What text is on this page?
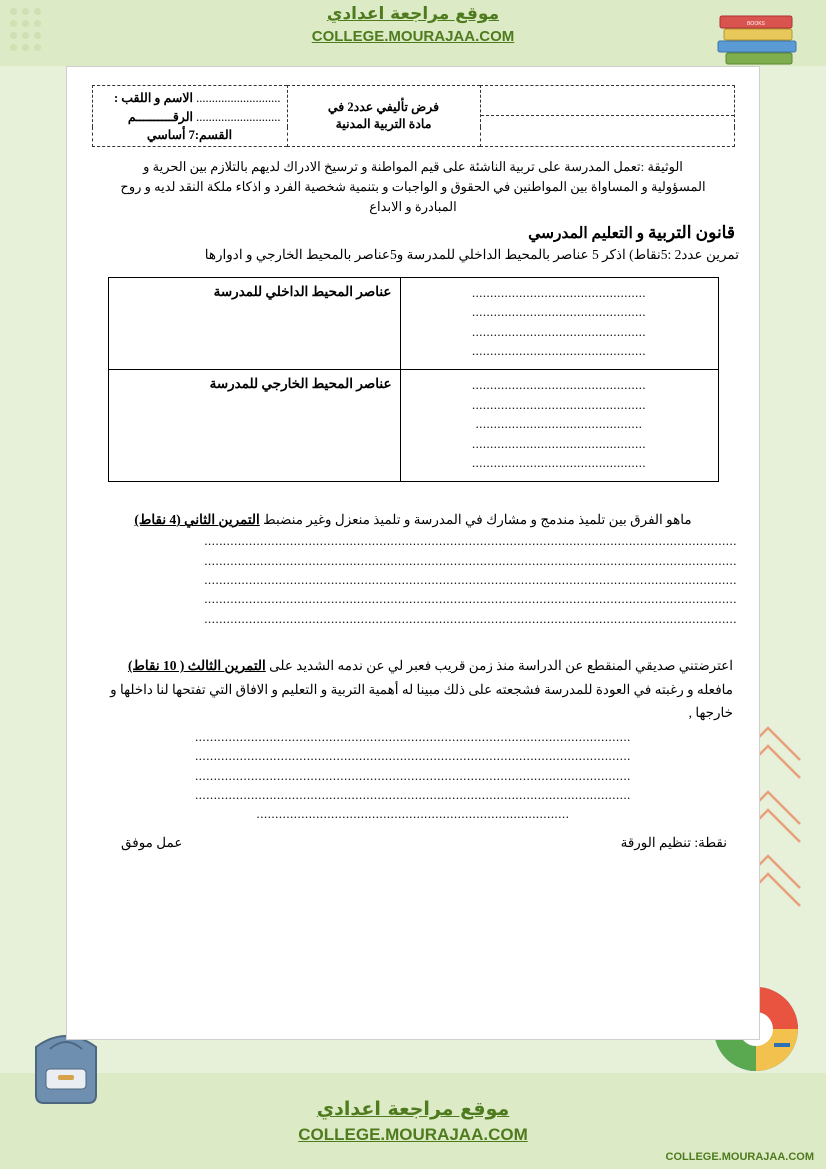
موقع مراجعة اعدادي
COLLEGE.MOURAJAA.COM
BOOKS

فرض تأليفي عدد2 في
مادة التربية المدنية

........................... الاسم و اللقب :
........................... الرقــــــــــم

القسم:7 أساسي
الوثيقة :تعمل المدرسة على تربية الناشئة على قيم المواطنة و ترسيخ الادراك لديهم بالتلازم بين الحرية و
المسؤولية و المساواة بين المواطنين في الحقوق و الواجبات و بتنمية شخصية الفرد و اذكاء ملكة النقد لديه و روح
المبادرة و الابداع
قانون التربية و التعليم المدرسي
تمرين عدد2 :5نقاط) اذكر 5 عناصر بالمحيط الداخلي للمدرسة و5عناصر بالمحيط الخارجي و ادوارها
................................................
................................................
................................................
................................................	عناصر المحيط الداخلي للمدرسة

................................................
................................................
..............................................
................................................
................................................	عناصر المحيط الخارجي للمدرسة
ماهو الفرق بين تلميذ مندمج و مشارك في المدرسة و تلميذ منعزل وغير منضبط التمرين الثاني (4 نقاط)
...............................................................................................................................................
...............................................................................................................................................
...............................................................................................................................................
...............................................................................................................................................
...............................................................................................................................................
اعترضتني صديقي المنقطع عن الدراسة منذ زمن قريب فعبر لي عن ندمه الشديد على التمرين الثالث ( 10 نقاط)
مافعله و رغبته في العودة للمدرسة فشجعته على ذلك مبينا له أهمية التربية و التعليم و الافاق التي تفتحها لنا داخلها و
خارجها ,
.....................................................................................................................
.....................................................................................................................
.....................................................................................................................
.....................................................................................................................
....................................................................................
نقطة: تنظيم الورقة
عمل موفق
موقع مراجعة اعدادي
COLLEGE.MOURAJAA.COM
COLLEGE.MOURAJAA.COM
